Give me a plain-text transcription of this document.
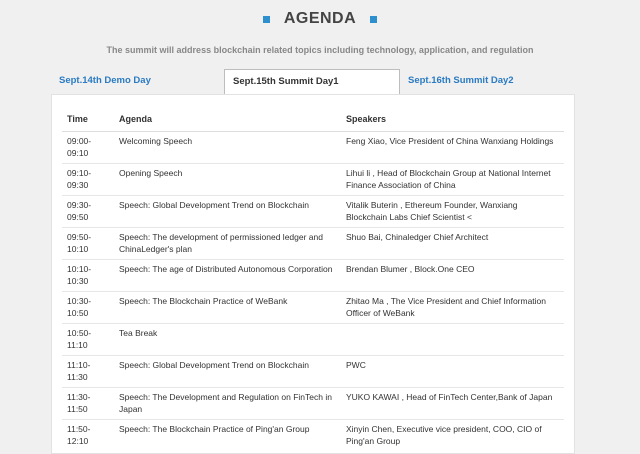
AGENDA
The summit will address blockchain related topics including technology, application, and regulation
Sept.14th Demo Day	Sept.15th Summit Day1	Sept.16th Summit Day2
Time	Agenda	Speakers
09:00-09:10	Welcoming Speech	Feng Xiao, Vice President of China Wanxiang Holdings
09:10-09:30	Opening Speech	Lihui li , Head of Blockchain Group at National Internet Finance Association of China
09:30-09:50	Speech: Global Development Trend on Blockchain	Vitalik Buterin , Ethereum Founder, Wanxiang Blockchain Labs Chief Scientist <
09:50-10:10	Speech: The development of permissioned ledger and ChinaLedger's plan	Shuo Bai, Chinaledger Chief Architect
10:10-10:30	Speech: The age of Distributed Autonomous Corporation	Brendan Blumer , Block.One CEO
10:30-10:50	Speech: The Blockchain Practice of WeBank	Zhitao Ma , The Vice President and Chief Information Officer of WeBank
10:50-11:10	Tea Break	
11:10-11:30	Speech: Global Development Trend on Blockchain	PWC
11:30-11:50	Speech: The Development and Regulation on FinTech in Japan	YUKO KAWAI , Head of FinTech Center,Bank of Japan
11:50-12:10	Speech: The Blockchain Practice of Ping'an Group	Xinyin Chen, Executive vice president, COO, CIO of Ping'an Group
